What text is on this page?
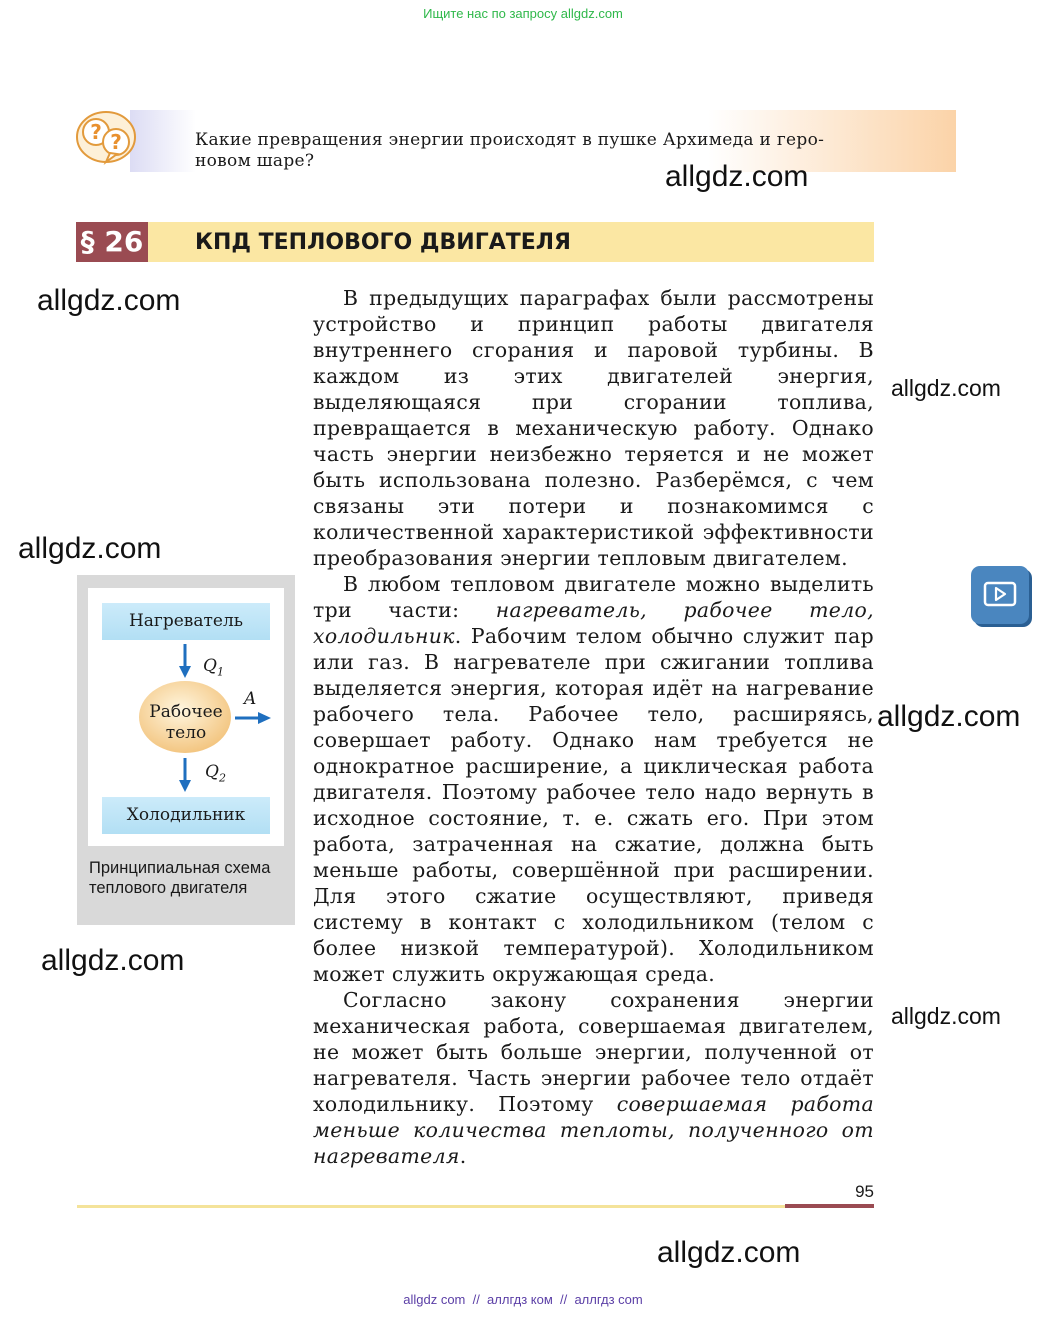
Ищите нас по запросу allgdz.com
? ?	Какие превращения энергии происходят в пушке Архимеда и геро-
новом шаре?	allgdz.com
allgdz.com
allgdz.com
allgdz.com
allgdz.com
allgdz.com
allgdz.com
allgdz.com
§ 26 КПД ТЕПЛОВОГО ДВИГАТЕЛЯ

В предыдущих параграфах были рассмотрены устройство и принцип работы двигателя внутреннего сгорания и паровой турбины. В каждом из этих двигателей энергия, выделяющаяся при сгорании топлива, превращается в механическую работу. Однако часть энергии неизбежно теряется и не может быть использована полезно. Разберёмся, с чем связаны эти потери и познакомимся с количественной характеристикой эффективности преобразования энергии тепловым двигателем.

В любом тепловом двигателе можно выделить три части: нагреватель, рабочее тело, холодильник. Рабочим телом обычно служит пар или газ. В нагревателе при сжигании топлива выделяется энергия, которая идёт на нагревание рабочего тела. Рабочее тело, расширяясь, совершает работу. Однако нам требуется не однократное расширение, а циклическая работа двигателя. Поэтому рабочее тело надо вернуть в исходное состояние, т. е. сжать его. При этом работа, затраченная на сжатие, должна быть меньше работы, совершённой при расширении. Для этого сжатие осуществляют, приведя систему в контакт с холодильником (телом с более низкой температурой). Холодильником может служить окружающая среда.

Согласно закону сохранения энергии механическая работа, совершаемая двигателем, не может быть больше энергии, полученной от нагревателя. Часть энергии рабочее тело отдаёт холодильнику. Поэтому совершаемая работа меньше количества теплоты, полученного от нагревателя.

Нагреватель
$Q_1$
Рабочее
тело
A
$Q_2$
Холодильник
Принципиальная схема теплового двигателя
95
allgdz com  //  аллгдз ком  //  аллгдз com
